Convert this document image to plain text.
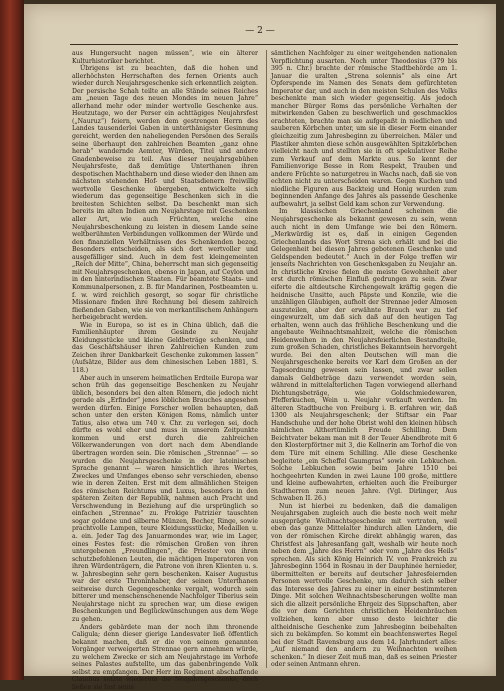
— 2 —

aus Hungersucht nagen müssen“, wie ein älterer Kulturhistoriker berichtet.

Übrigens ist zu beachten, daß die hohen und allerhöchsten Herrschaften des fernen Orients auch wieder durch Neujahrsgeschenke sich erkenntlich zeigten. Der persische Schah teilte an alle Stände seines Reiches am „neuen Tage des neuen Mondes im neuen Jahre“ allerhand mehr oder minder wertvolle Geschenke aus. Heutzutage, wo der Perser ein achttägiges Neujahrsfest („Nauruz“) feiern, werden dem gestrengen Herrn des Landes tausenderlei Gaben in unterthänigster Gesinnung gereicht, werden den naheliegenden Persönen des Serails seine überhaupt den zahlreichen Beamten „ganz ohne herab“ wandernde Aemter, Würden, Titel und andere Gnadenbeweise zu teil. Aus dieser neujahrsgebühen Neujahrsfeste, daß demütige Unterthanen ihren despotischen Machthabern und diese wieder den ihnen am nächsten stehenden Hof- und Staatsdienern freiwillig wertvolle Geschenke übergeben, entwickelte sich wiederum das gegenseitige Beschenken sich in die breitesten Schichten selbst. Da beschenkt man sich bereits im alten Indien am Neujahrstage mit Geschenken aller Art, wie auch Früchten, welche eine Neujahrsbeschenkung zu leisten in diesem Lande seine weltberühmten Verbindungen vollkommen der Würde und den finanziellen Verhältnissen des Schenkenden bezog. Besonders entscheiden, als sich dort wertvoller und ausgefälliger sind. Auch in dem fest kleingemeinten „Reich der Mitte“, China, beherrscht man sich gegenseitig mit Neujahrsgeschenken, ebenso in Japan, auf Ceylon und in den hinterindischen Staaten. Für beamtete Staats- und Kommunalpersonen, z. B. für Mandarinen, Postbeamten u. f. w. wird reichlich gesorgt, so sogar für christliche Missionare finden ihre Rechnung bei diesem zahlreich fließenden Gaben, wie sie von merkantilischem Anhängern herbeigebracht werden.

Wie in Europa, so ist es in China üblich, daß die Familienhäupter ihrem Gesinde zu Neujahr Kleidungsstücke und kleine Geldbeträge schenken, und das Geschäftshäuser ihren Zahlreichen Kunden zum Zeichen ihrer Dankbarkeit Geschenke zukommen lassen“ (Aufsätze, Bilder aus dem chinesischen Leben 1881, S. 118.)

Aber auch in unserem heimatlichen Erdteile Europa war schon früh das gegenseitige Beschenken zu Neujahr üblich, besonders bei den alten Römern, die jedoch nicht gerade als „Erfinder“ jenes löblichen Brauches angesehen werden dürfen. Einige Forscher wollen behaupten, daß schon unter den ersten Königen Roms, nämlich unter Tatius, also etwa um 740 v. Chr. zu verlegen sei, doch dürfte es wohl eher und muss in unserem Zeitpunkte kommen und erst durch die zahlreichen Völkerwanderungen von dort nach dem Abendlande übertragen worden sein. Die römischen „Strennae“ — so wurden die Neujahrsgeschenke in der lateinischen Sprache genannt — waren hinsichtlich ihres Wertes, Zweckes und Umfanges ebenso sehr verschieden, ebenso wie in deren Zeiten. Erst mit dem allmählichen Steigen des römischen Reichtums und Luxus, besonders in den späteren Zeiten der Republik, nahmen auch Pracht und Verschwendung in Beziehung auf die ursprünglich so einfachen „Strennae“ zu. Prokige Patrizier tauschten sogar goldene und silberne Münzen, Becher, Ringe, sowie prachtvolle Lampen, teure Kleidungsstücke, Medaillen u. a. ein. Jeder Tag des Januarmondes war, wie im Lager, eines Festes fest: die römischen Großen von ihren untergebenen „Freundlingen“, die Priester von ihren schutzbefohlenen Leuten, die mächtigen Imperatoren von ihren Würdenträgern, die Patrone von ihren Klienten u. s. w. Jahresbeginn sehr gern beschenken. Kaiser Augustus war der erste Throninhaber, der seinen Unterthanen seitweise durch Gegengeschenke vergalt, wodurch sein bitterer und menschenschenende Nachfolger Tiberius sein Neujahrstage nicht zu sprechen war, um diese ewigen Beschenkungen und Beglückwünschungen aus dem Wege zu gehen.

Anders gebärdete man der noch ihm thronende Caligula; denn dieser gierige Landesvater ließ öffentlich bekannt machen, daß er die von seinem genannten Vorgänger verweigerten Strennae gern annehmen würde, zu welchem Zwecke er sich am Neujahrstage im Vorhofe seines Palastes aufstellte, um das gabenbringende Volk selbst zu empfangen. Der Herr im Regiment abschaffende Claudius setzte wiederum die Neujahrsgeschenke, doch ließen sie fast seine

sämtlichen Nachfolger zu einer weitgehenden nationalen Verpflichtung ausarten. Noch unter Theodosius (379 bis 395 n. Chr.) brachte der römische Stadtbehörde am 1. Januar die uralten „Strena solennis“ als eine Art Opferspende im Namen des Senats dem gefürchteten Imperator dar, und auch in den meisten Schulen des Volks beschenkte man sich wieder gegenseitig. Als jedoch mancher Bürger Roms das persönliche Verhalten der mitwirkenden Gaben zu beschwerlich und geschmacklos erachteten, brachte man sie aufgepaßt in niedlichen und sauberen Körbchen unter, um sie in dieser Form einander gleichzeitig zum Jahresbeginn zu überreichen. Mäler und Plastiker ahmten diese schön ausgewählten Spitzkörbchen vielleicht nach und stellten sie in oft spekulativer Reihe zum Verkauf auf dem Markte aus. So kennt der Familienvorige Besse in Rom Respekt, Trauben und andere Früchte so naturgetreu in Wachs nach, daß sie von echten nicht zu unterscheiden waren. Gegen Kuchen und niedliche Figuren aus Backteig und Honig wurden zum beginnenden Anfange des Jahres als passende Geschenke aufbewahrt, ja selbst Geld kam schon zur Verwendung.

Im klassischen Griechenland scheinen die Neujahrsgeschenke als bekannt gewesen zu sein, wenn auch nicht in dem Umfange wie bei den Römern. „Merkwürdig ist es, daß in einigen Gegenden Griechenlands das Wort Strena sich erhält und bei die Gelegenheit bei diesen Jahres gebotenen Geschenke und Geldspenden bedeutet.“ Auch in der Folge treffen wir jenseits Nachrichten von Geschenksgaben zu Neujahr an. In christliche Kreise fielen die meiste Gewohnheit aber erst durch römischen Einfluß gedrungen zu sein. Zwar eiferte die altdeutsche Kirchengewalt kräftig gegen die heidnische Unsitte, auch Päpste und Konzile, wie die unzähligen Gläubigen, aufholt der Strennae jeder Almosen auszuteilen, aber der erwähnte Brauch war zu tief eingewurzelt, um daß sich daß auf den heutigen Tag erhalten, wenn auch das fröhliche Beschenkung und die angebaute Weihnachtsmahlzeit, welche die römischen Heidenweihen in den Neujahrsfeierlichen Bestandteile, zum großen Schaden, christliches Bekanntsein hervorgeht wurde. Bei den alten Deutschen will man die Neujahrsgeschenke bereits vor Karl dem Großen an der Tagesordnung gewesen sein lassen, und zwar sollen damals Geldbeträge dazu verwendet worden sein, während in mittelalterlichen Tagen vorwiegend allerhand Dichtungsbeträge, wie Goldschmiedewaren, Pfefferkuchen, Wein u. Neujahr verkauft werden. Im älteren Stadtbuche von Freiburg i. B. erfahren wir, daß 1300 als Neujahrsgeschenk; der Stiftsar ein Paar Handschuhe und der hohe Obrist wohl den kleinen hübsch nämlichen Althertümlich Freude Schilling. Dem Beichtvater bekam man mit 8 der Teuer Abendbrote mit 6 den Klosterpförtner mit 3, die Kellnerin am Torhof die von dem Türe mit einem Schilling. Alle diese Geschenke begleitete „ein Scheffel Gaumgras“ sowie ein Lebkuchen. Solche Lebkuchen sowie beim Jahre 1510 bei hochgeehrten Kunden in zwei Laune 100 große, mittlere und kleine aufbewahrten, erhielten auch die Freiburger Stadtherren zum neuen Jahre. (Vgl. Dirlinger, Aus Schwaben II. 26.)

Nun ist hierbei zu bedenken, daß die damaligen Neujahrsgaben zugleich auch die beste noch weit mehr ausgeprägte Weihnachtsgeschenke mit vertraten, weil eben das ganze Mittelalter hindurch allen Ländern, die von der römischen Kirche direkt abhängig waren, das Christfest als Jahresanfang galt, weshalb wir heute noch neben dem „Jahre des Herrn“ oder vom „Jahre des Heils“ sprechen. Als sich König Heinrich IV. von Frankreich zu Jahresbeginn 1564 in Rosnau in der Dauphinée hernieder, übermittelten er bereits auf deutscher Jahresfeiernden Personen wertvolle Geschenke, um dadurch sich selber das Interesse des Jahres zu einer in einer bestimmteren Dinge. Mit solchen Weihnachtsbescherungen wollte man sich die allzeit persönliche Ehrgeiz des Sippschaften, aber die vor dem Gerichten christlichen Heidenbräuchen vollziehen, kenn aber umso desto leichter die altheidnische Geschenke zum Jahresbeginn beibehalten sich zu bekämpfen. So kommt ein beachtenswertes Regel bei der Stadt Ravensburg aus dem 14. Jahrhundert alles: „Auf niemand den andern zu Weihnachten weihen schenken.“ In dieser Zeit muß man, daß es seinen Priester oder seinen Antmann ehren.
